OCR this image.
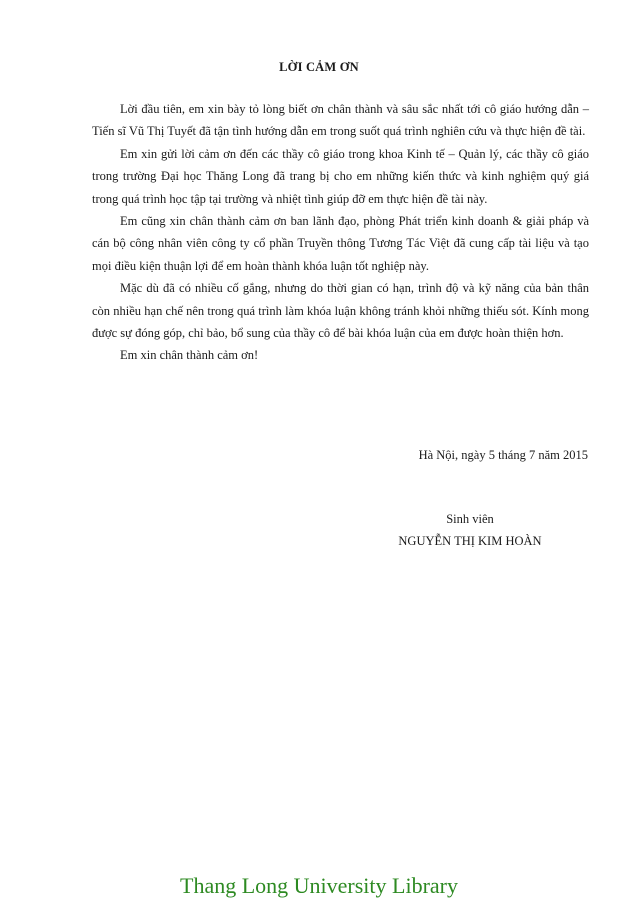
LỜI CẢM ƠN

Lời đầu tiên, em xin bày tỏ lòng biết ơn chân thành và sâu sắc nhất tới cô giáo hướng dẫn – Tiến sĩ Vũ Thị Tuyết đã tận tình hướng dẫn em trong suốt quá trình nghiên cứu và thực hiện đề tài.

Em xin gửi lời cảm ơn đến các thầy cô giáo trong khoa Kinh tế – Quản lý, các thầy cô giáo trong trường Đại học Thăng Long đã trang bị cho em những kiến thức và kinh nghiệm quý giá trong quá trình học tập tại trường và nhiệt tình giúp đỡ em thực hiện đề tài này.

Em cũng xin chân thành cảm ơn ban lãnh đạo, phòng Phát triển kinh doanh & giải pháp và cán bộ công nhân viên công ty cổ phần Truyền thông Tương Tác Việt đã cung cấp tài liệu và tạo mọi điều kiện thuận lợi để em hoàn thành khóa luận tốt nghiệp này.

Mặc dù đã có nhiều cố gắng, nhưng do thời gian có hạn, trình độ và kỹ năng của bản thân còn nhiều hạn chế nên trong quá trình làm khóa luận không tránh khỏi những thiếu sót. Kính mong được sự đóng góp, chỉ bảo, bổ sung của thầy cô để bài khóa luận của em được hoàn thiện hơn.

Em xin chân thành cảm ơn!

Hà Nội, ngày 5 tháng 7 năm 2015
Sinh viên
NGUYỄN THỊ KIM HOÀN
Thang Long University Library
